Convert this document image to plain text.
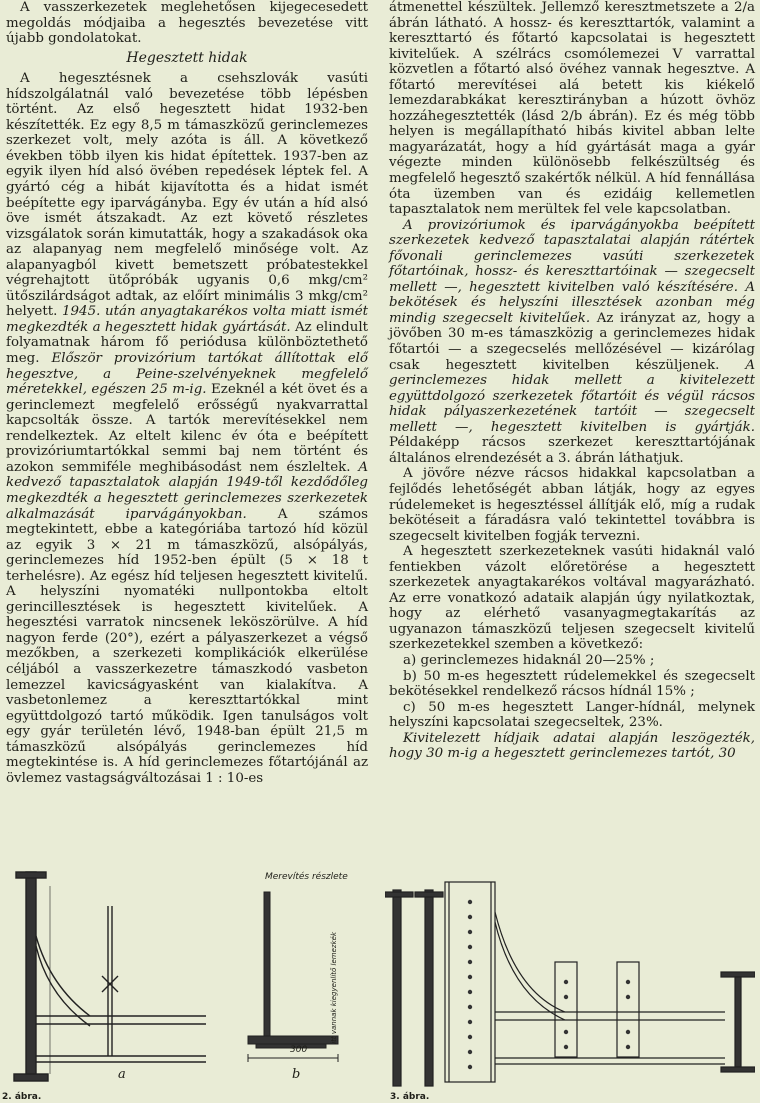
A vasszerkezetek meglehetősen kijegecesedett megoldás módjaiba a hegesztés bevezetése vitt újabb gondolatokat.

Hegesztett hidak

A hegesztésnek a csehszlovák vasúti hídszolgálatnál való bevezetése több lépésben történt. Az első hegesztett hidat 1932-ben készítették. Ez egy 8,5 m támaszközű gerinclemezes szerkezet volt, mely azóta is áll. A következő években több ilyen kis hidat építettek. 1937-ben az egyik ilyen híd alsó övében repedések léptek fel. A gyártó cég a hibát kijavította és a hidat ismét beépítette egy iparvágányba. Egy év után a híd alsó öve ismét átszakadt. Az ezt követő részletes vizsgálatok során kimutatták, hogy a szakadások oka az alapanyag nem megfelelő minősége volt. Az alapanyagból kivett bemetszett próbatestekkel végrehajtott ütőpróbák ugyanis 0,6 mkg/cm² ütőszilárdságot adtak, az előírt minimális 3 mkg/cm² helyett. 1945. után anyagtakarékos volta miatt ismét megkezdték a hegesztett hidak gyártását. Az elindult folyamatnak három fő periódusa különböztethető meg. Először provizórium tartókat állítottak elő hegesztve, a Peine-szelvényeknek megfelelő méretekkel, egészen 25 m-ig. Ezeknél a két övet és a gerinclemezt megfelelő erősségű nyakvarrattal kapcsolták össze. A tartók merevítésekkel nem rendelkeztek. Az eltelt kilenc év óta e beépített provizóriumtartókkal semmi baj nem történt és azokon semmiféle meghibásodást nem észleltek. A kedvező tapasztalatok alapján 1949-től kezdődőleg megkezdték a hegesztett gerinclemezes szerkezetek alkalmazását iparvágányokban. A számos megtekintett, ebbe a kategóriába tartozó híd közül az egyik 3 × 21 m támaszközű, alsópályás, gerinclemezes híd 1952-ben épült (5 × 18 t terhelésre). Az egész híd teljesen hegesztett kivitelű. A helyszíni nyomatéki nullpontokba eltolt gerincillesztések is hegesztett kivitelűek. A hegesztési varratok nincsenek leköszörülve. A híd nagyon ferde (20°), ezért a pályaszerkezet a végső mezőkben, a szerkezeti komplikációk elkerülése céljából a vasszerkezetre támaszkodó vasbeton lemezzel kavicságyasként van kialakítva. A vasbetonlemez a kereszttartókkal mint együttdolgozó tartó működik. Igen tanulságos volt egy gyár területén lévő, 1948-ban épült 21,5 m támaszközű alsópályás gerinclemezes híd megtekintése is. A híd gerinclemezes főtartójánál az övlemez vastagságváltozásai 1 : 10-es

átmenettel készültek. Jellemző keresztmetszete a 2/a ábrán látható. A hossz- és kereszttartók, valamint a kereszttartó és főtartó kapcsolatai is hegesztett kivitelűek. A szélrács csomólemezei V varrattal közvetlen a főtartó alsó övéhez vannak hegesztve. A főtartó merevítései alá betett kis kiékelő lemezdarabkákat keresztirányban a húzott övhöz hozzáhegesztették (lásd 2/b ábrán). Ez és még több helyen is megállapítható hibás kivitel abban lelte magyarázatát, hogy a híd gyártását maga a gyár végezte minden különösebb felkészültség és megfelelő hegesztő szakértők nélkül. A híd fennállása óta üzemben van és ezidáig kellemetlen tapasztalatok nem merültek fel vele kapcsolatban.

A provizóriumok és iparvágányokba beépített szerkezetek kedvező tapasztalatai alapján rátértek fővonali gerinclemezes vasúti szerkezetek főtartóinak, hossz- és kereszttartóinak — szegecselt mellett —, hegesztett kivitelben való készítésére. A bekötések és helyszíni illesztések azonban még mindig szegecselt kivitelűek. Az irányzat az, hogy a jövőben 30 m-es támaszközig a gerinclemezes hidak főtartói — a szegecselés mellőzésével — kizárólag csak hegesztett kivitelben készüljenek. A gerinclemezes hidak mellett a kivitelezett együttdolgozó szerkezetek főtartóit és végül rácsos hidak pályaszerkezetének tartóit — szegecselt mellett —, hegesztett kivitelben is gyártják. Példaképp rácsos szerkezet kereszttartójának általános elrendezését a 3. ábrán láthatjuk.

A jövőre nézve rácsos hidakkal kapcsolatban a fejlődés lehetőségét abban látják, hogy az egyes rúdelemeket is hegesztéssel állítják elő, míg a rudak bekötéseit a fáradásra való tekintettel továbbra is szegecselt kivitelben fogják tervezni.

A hegesztett szerkezeteknek vasúti hidaknál való fentiekben vázolt előretörése a hegesztett szerkezetek anyagtakarékos voltával magyarázható. Az erre vonatkozó adataik alapján úgy nyilatkoztak, hogy az elérhető vasanyagmegtakarítás az ugyanazon támaszközű teljesen szegecselt kivitelű szerkezetekkel szemben a következő:

a) gerinclemezes hidaknál 20—25% ;

b) 50 m-es hegesztett rúdelemekkel és szegecselt bekötésekkel rendelkező rácsos hídnál 15% ;

c) 50 m-es hegesztett Langer-hídnál, melynek helyszíni kapcsolatai szegecseltek, 23%.

Kivitelezett hídjaik adatai alapján leszögezték, hogy 30 m-ig a hegesztett gerinclemezes tartót, 30

a
Merevítés részlete
300
itt vannak kiegyenlítő lemezkék
b
2. ábra.	3. ábra.
